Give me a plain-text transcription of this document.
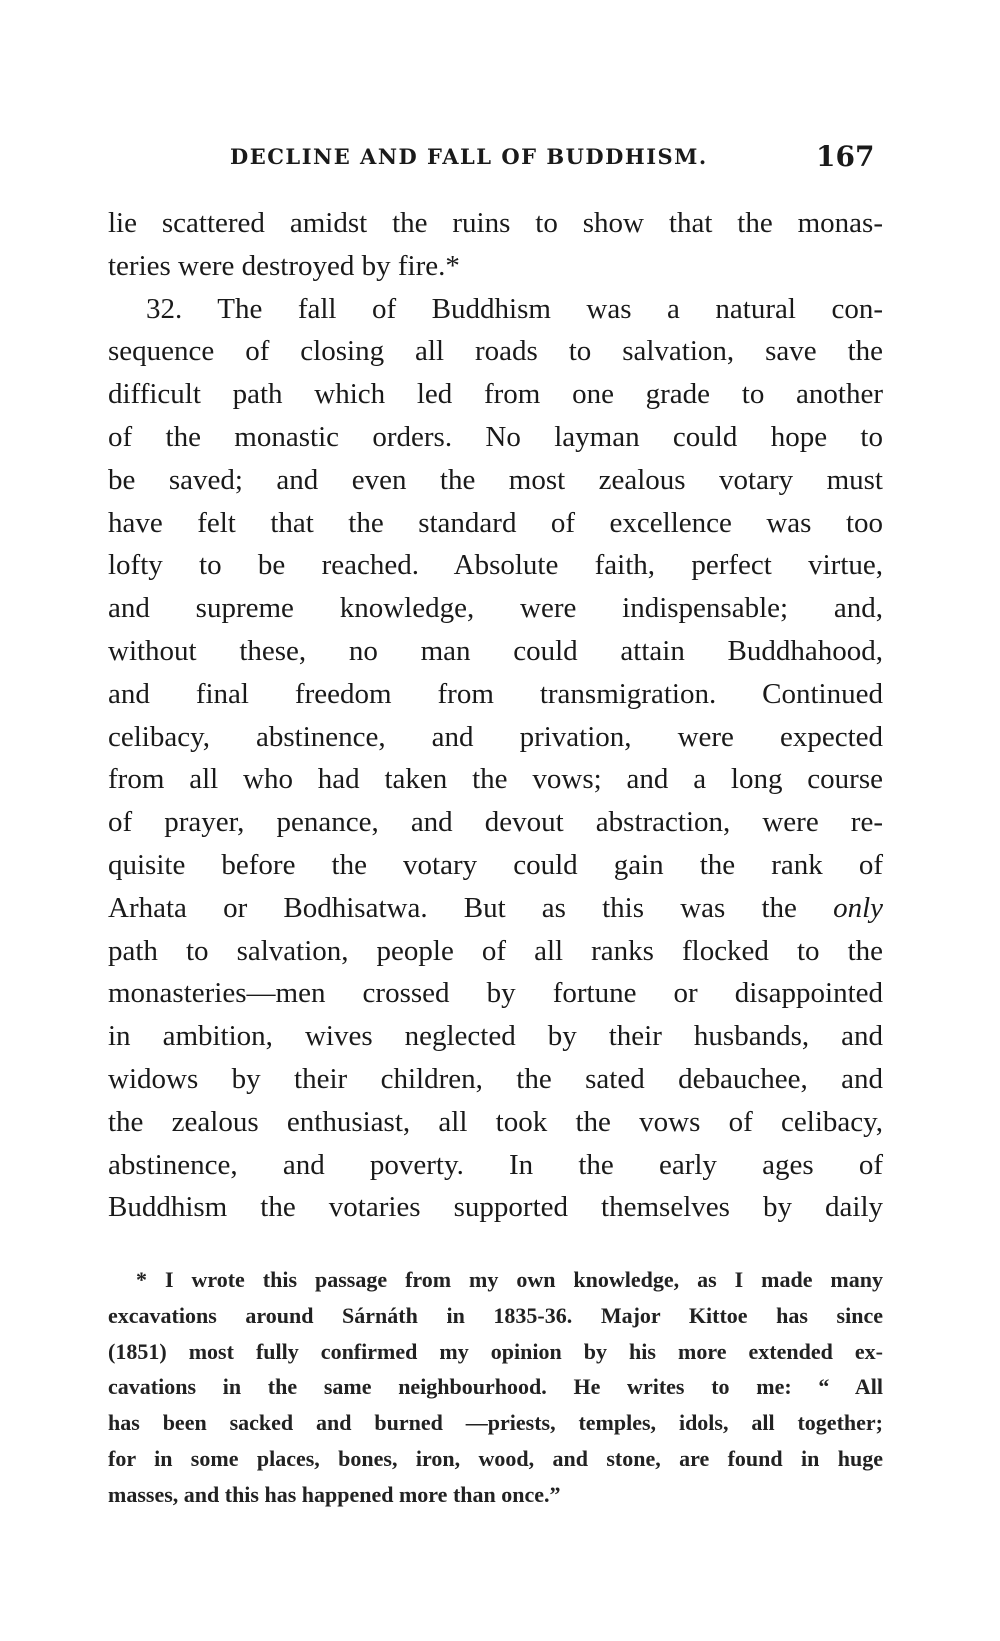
DECLINE AND FALL OF BUDDHISM.	167
lie scattered amidst the ruins to show that the monas-
teries were destroyed by fire.*
32. The fall of Buddhism was a natural con-
sequence of closing all roads to salvation, save the
difficult path which led from one grade to another
of the monastic orders. No layman could hope to
be saved; and even the most zealous votary must
have felt that the standard of excellence was too
lofty to be reached. Absolute faith, perfect virtue,
and supreme knowledge, were indispensable; and,
without these, no man could attain Buddhahood,
and final freedom from transmigration. Continued
celibacy, abstinence, and privation, were expected
from all who had taken the vows; and a long course
of prayer, penance, and devout abstraction, were re-
quisite before the votary could gain the rank of
Arhata or Bodhisatwa. But as this was the only
path to salvation, people of all ranks flocked to the
monasteries—men crossed by fortune or disappointed
in ambition, wives neglected by their husbands, and
widows by their children, the sated debauchee, and
the zealous enthusiast, all took the vows of celibacy,
abstinence, and poverty. In the early ages of
Buddhism the votaries supported themselves by daily
* I wrote this passage from my own knowledge, as I made many
excavations around Sárnáth in 1835-36. Major Kittoe has since
(1851) most fully confirmed my opinion by his more extended ex-
cavations in the same neighbourhood. He writes to me: “ All
has been sacked and burned —priests, temples, idols, all together;
for in some places, bones, iron, wood, and stone, are found in huge
masses, and this has happened more than once.”
